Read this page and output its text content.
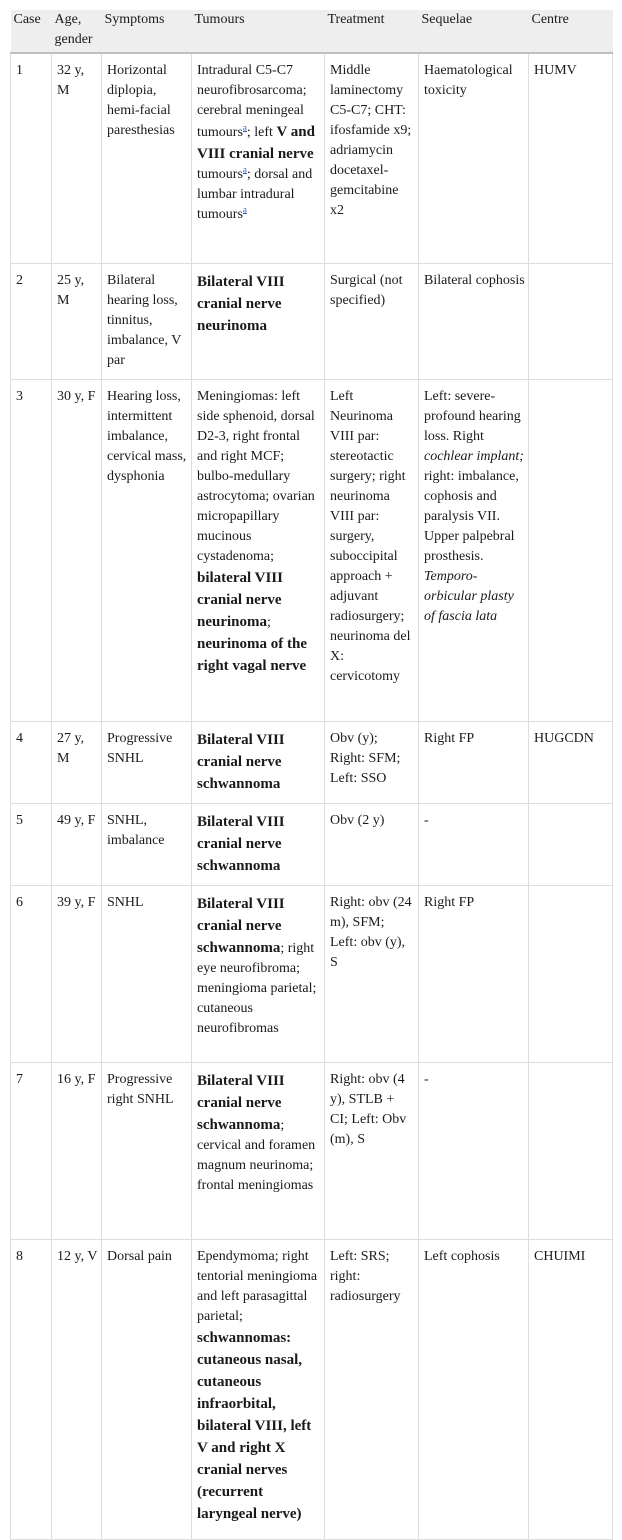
Case	Age, gender	Symptoms	Tumours	Treatment	Sequelae	Centre
1	32 y, M	Horizontal diplopia, hemi-facial paresthesias	Intradural C5-C7 neurofibrosarcoma; cerebral meningeal tumours$^a$; left V and VIII cranial nerve tumours$^a$; dorsal and lumbar intradural tumours$^a$	Middle laminectomy C5-C7; CHT: ifosfamide x9; adriamycin docetaxel-gemcitabine x2	Haematological toxicity	HUMV
2	25 y, M	Bilateral hearing loss, tinnitus, imbalance, V par	Bilateral VIII cranial nerve neurinoma	Surgical (not specified)	Bilateral cophosis	
3	30 y, F	Hearing loss, intermittent imbalance, cervical mass, dysphonia	Meningiomas: left side sphenoid, dorsal D2-3, right frontal and right MCF; bulbo-medullary astrocytoma; ovarian micropapillary mucinous cystadenoma; bilateral VIII cranial nerve neurinoma; neurinoma of the right vagal nerve	Left Neurinoma VIII par: stereotactic surgery; right neurinoma VIII par: surgery, suboccipital approach + adjuvant radiosurgery; neurinoma del X: cervicotomy	Left: severe-profound hearing loss. Right cochlear implant; right: imbalance, cophosis and paralysis VII. Upper palpebral prosthesis. Temporo-orbicular plasty of fascia lata	
4	27 y, M	Progressive SNHL	Bilateral VIII cranial nerve schwannoma	Obv (y); Right: SFM; Left: SSO	Right FP	HUGCDN
5	49 y, F	SNHL, imbalance	Bilateral VIII cranial nerve schwannoma	Obv (2 y)	-	
6	39 y, F	SNHL	Bilateral VIII cranial nerve schwannoma; right eye neurofibroma; meningioma parietal; cutaneous neurofibromas	Right: obv (24 m), SFM; Left: obv (y), S	Right FP	
7	16 y, F	Progressive right SNHL	Bilateral VIII cranial nerve schwannoma; cervical and foramen magnum neurinoma; frontal meningiomas	Right: obv (4 y), STLB + CI; Left: Obv (m), S	-	
8	12 y, V	Dorsal pain	Ependymoma; right tentorial meningioma and left parasagittal parietal; schwannomas: cutaneous nasal, cutaneous infraorbital, bilateral VIII, left V and right X cranial nerves (recurrent laryngeal nerve)	Left: SRS; right: radiosurgery	Left cophosis	CHUIMI
